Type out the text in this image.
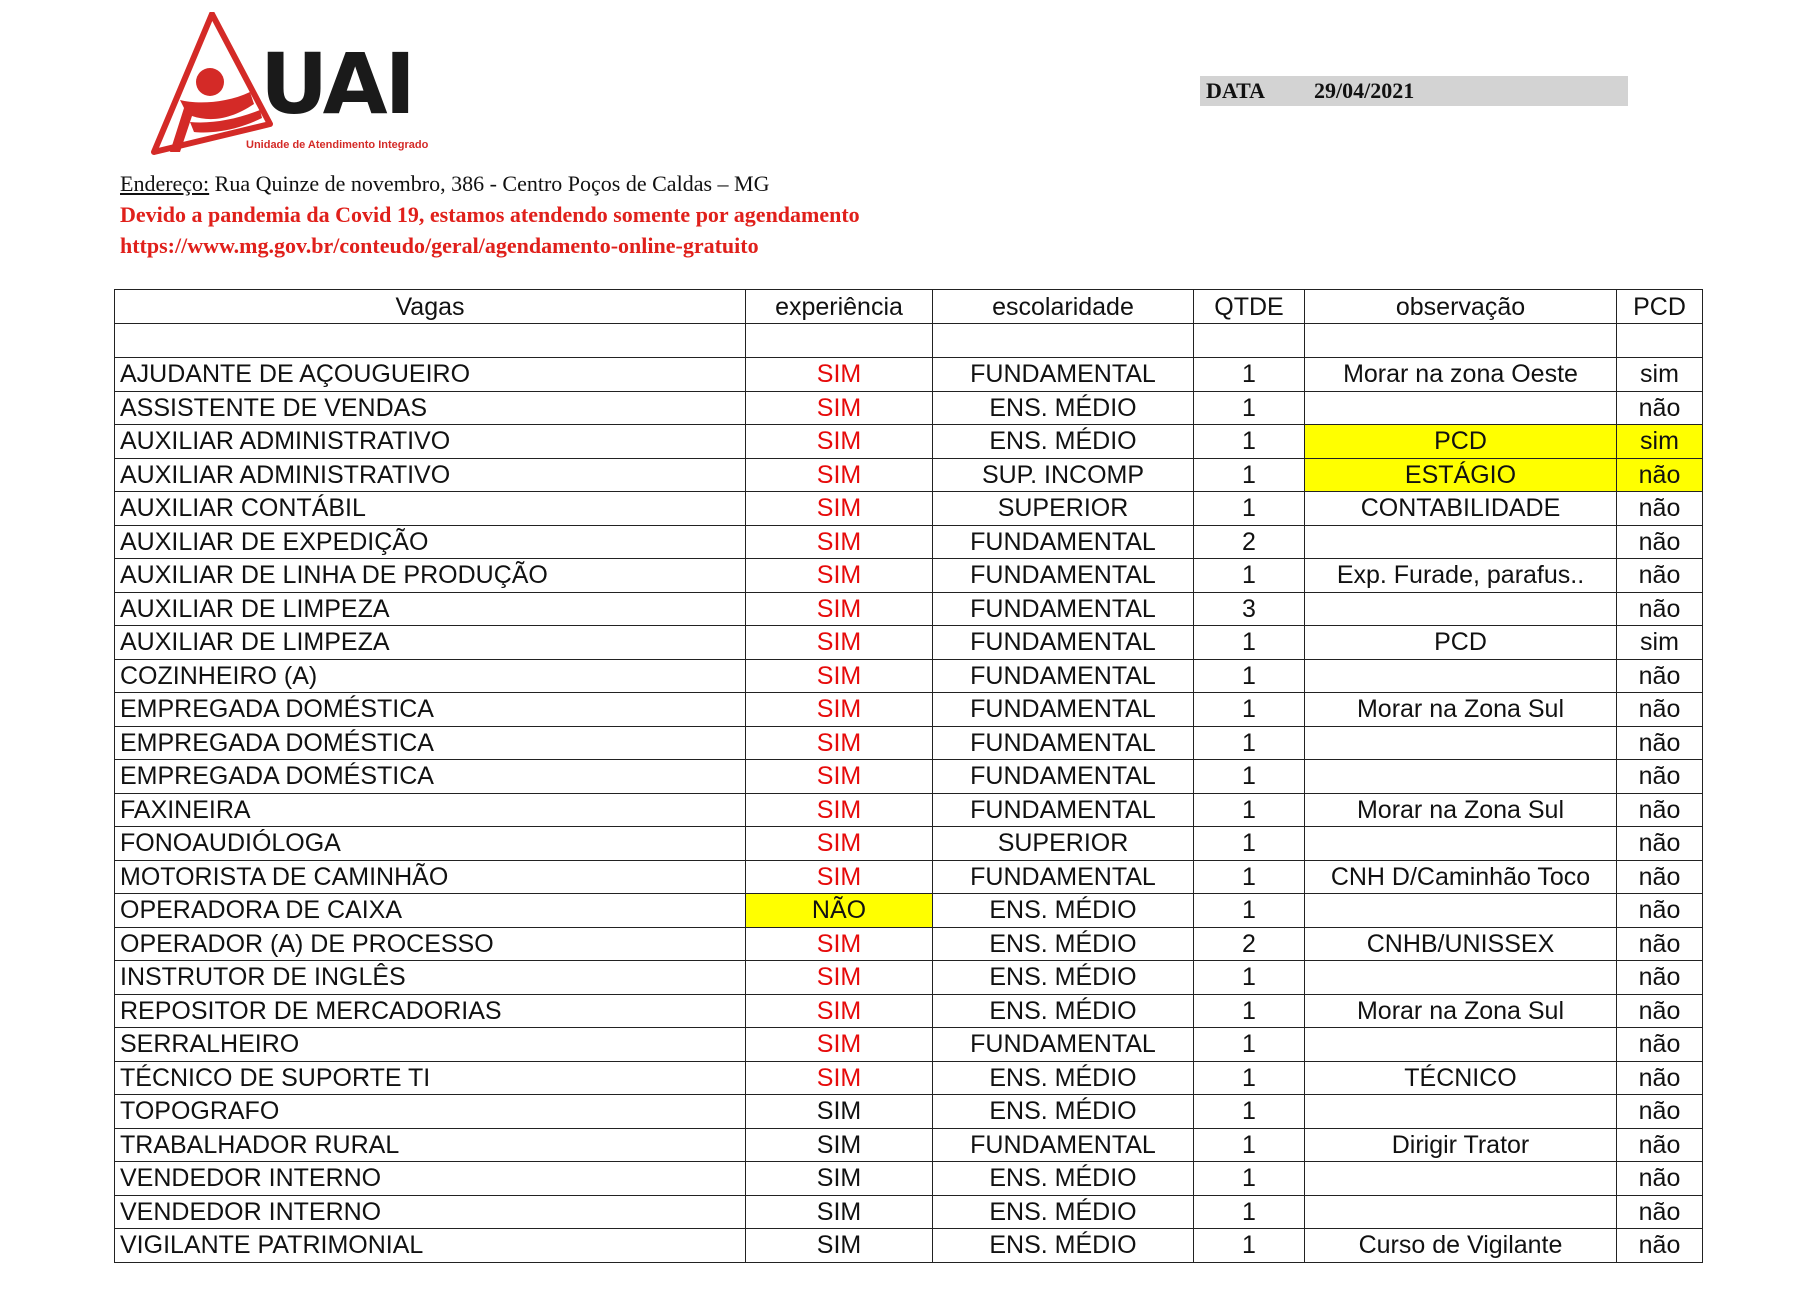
UAI
Unidade de Atendimento Integrado
DATA 29/04/2021
Endereço: Rua Quinze de novembro, 386 - Centro Poços de Caldas – MG
Devido a pandemia da Covid 19, estamos atendendo somente por agendamento
https://www.mg.gov.br/conteudo/geral/agendamento-online-gratuito
Vagas	experiência	escolaridade	QTDE	observação	PCD

AJUDANTE DE AÇOUGUEIRO	SIM	FUNDAMENTAL	1	Morar na zona Oeste	sim
ASSISTENTE DE VENDAS	SIM	ENS. MÉDIO	1		não
AUXILIAR ADMINISTRATIVO	SIM	ENS. MÉDIO	1	PCD	sim
AUXILIAR ADMINISTRATIVO	SIM	SUP. INCOMP	1	ESTÁGIO	não
AUXILIAR CONTÁBIL	SIM	SUPERIOR	1	CONTABILIDADE	não
AUXILIAR DE EXPEDIÇÃO	SIM	FUNDAMENTAL	2		não
AUXILIAR DE LINHA DE PRODUÇÃO	SIM	FUNDAMENTAL	1	Exp. Furade, parafus..	não
AUXILIAR DE LIMPEZA	SIM	FUNDAMENTAL	3		não
AUXILIAR DE LIMPEZA	SIM	FUNDAMENTAL	1	PCD	sim
COZINHEIRO (A)	SIM	FUNDAMENTAL	1		não
EMPREGADA DOMÉSTICA	SIM	FUNDAMENTAL	1	Morar na Zona Sul	não
EMPREGADA DOMÉSTICA	SIM	FUNDAMENTAL	1		não
EMPREGADA DOMÉSTICA	SIM	FUNDAMENTAL	1		não
FAXINEIRA	SIM	FUNDAMENTAL	1	Morar na Zona Sul	não
FONOAUDIÓLOGA	SIM	SUPERIOR	1		não
MOTORISTA DE CAMINHÃO	SIM	FUNDAMENTAL	1	CNH D/Caminhão Toco	não
OPERADORA DE CAIXA	NÃO	ENS. MÉDIO	1		não
OPERADOR (A) DE PROCESSO	SIM	ENS. MÉDIO	2	CNHB/UNISSEX	não
INSTRUTOR DE INGLÊS	SIM	ENS. MÉDIO	1		não
REPOSITOR DE MERCADORIAS	SIM	ENS. MÉDIO	1	Morar na Zona Sul	não
SERRALHEIRO	SIM	FUNDAMENTAL	1		não
TÉCNICO DE SUPORTE TI	SIM	ENS. MÉDIO	1	TÉCNICO	não
TOPOGRAFO	SIM	ENS. MÉDIO	1		não
TRABALHADOR RURAL	SIM	FUNDAMENTAL	1	Dirigir Trator	não
VENDEDOR INTERNO	SIM	ENS. MÉDIO	1		não
VENDEDOR INTERNO	SIM	ENS. MÉDIO	1		não
VIGILANTE PATRIMONIAL	SIM	ENS. MÉDIO	1	Curso de Vigilante	não
